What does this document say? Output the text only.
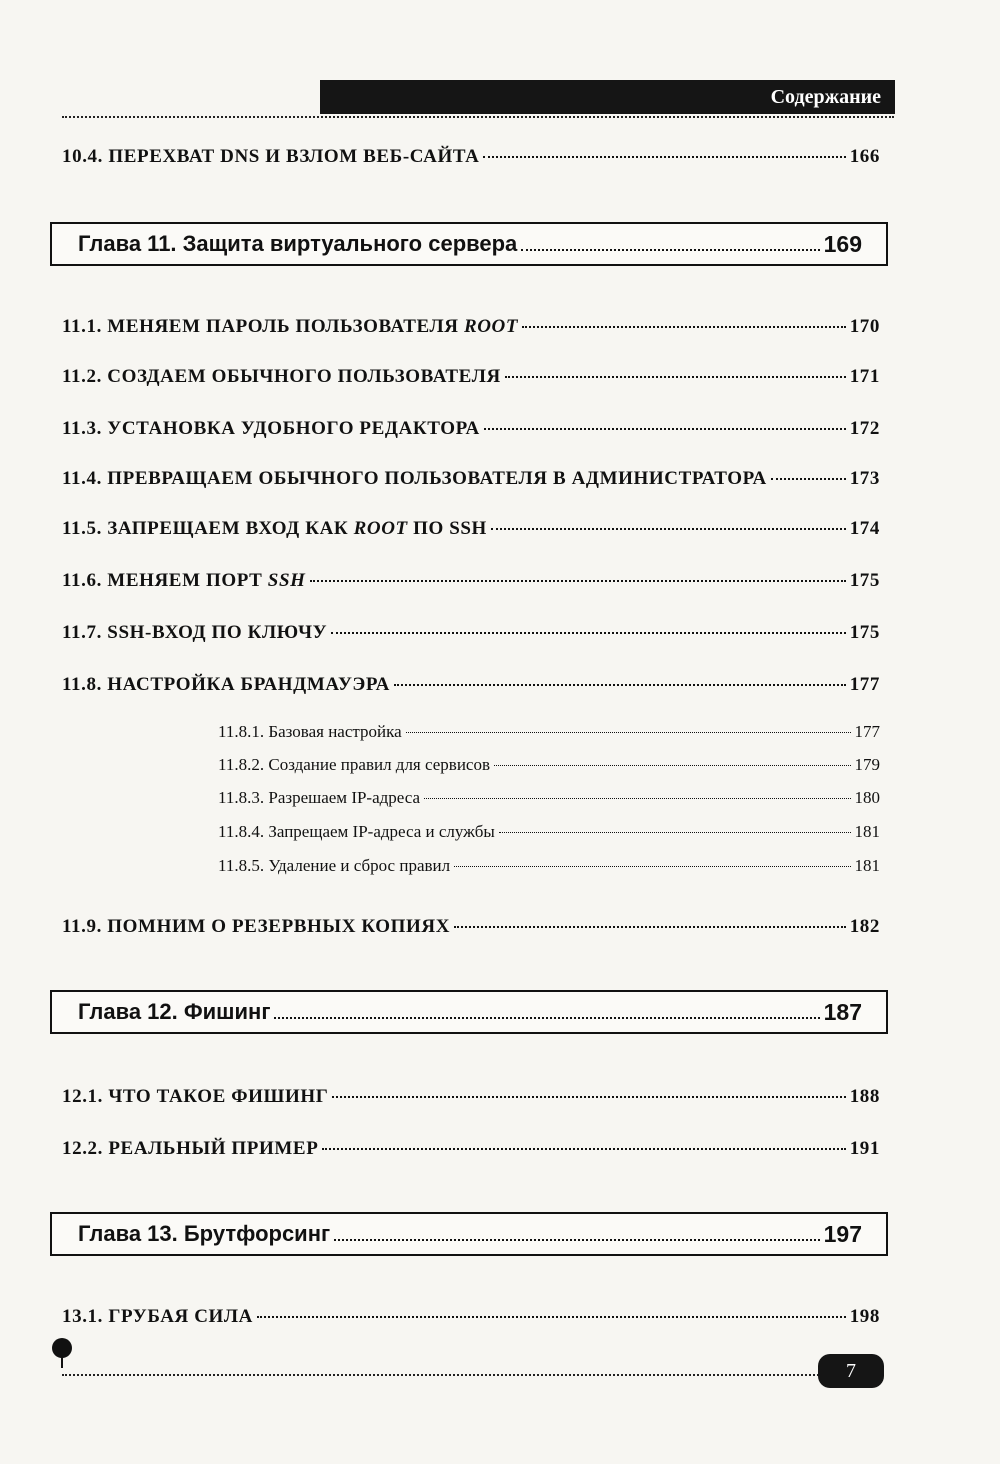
Содержание
10.4. ПЕРЕХВАТ DNS И ВЗЛОМ ВЕБ-САЙТА	166
Глава 11. Защита виртуального сервера	169
11.1. МЕНЯЕМ ПАРОЛЬ ПОЛЬЗОВАТЕЛЯ ROOT	170
11.2. СОЗДАЕМ ОБЫЧНОГО ПОЛЬЗОВАТЕЛЯ	171
11.3. УСТАНОВКА УДОБНОГО РЕДАКТОРА	172
11.4. ПРЕВРАЩАЕМ ОБЫЧНОГО ПОЛЬЗОВАТЕЛЯ В АДМИНИСТРАТОРА	173
11.5. ЗАПРЕЩАЕМ ВХОД КАК ROOT ПО SSH	174
11.6. МЕНЯЕМ ПОРТ SSH	175
11.7. SSH-ВХОД ПО КЛЮЧУ	175
11.8. НАСТРОЙКА БРАНДМАУЭРА	177
11.8.1. Базовая настройка	177
11.8.2. Создание правил для сервисов	179
11.8.3. Разрешаем IP-адреса	180
11.8.4. Запрещаем IP-адреса и службы	181
11.8.5. Удаление и сброс правил	181
11.9. ПОМНИМ О РЕЗЕРВНЫХ КОПИЯХ	182
Глава 12. Фишинг	187
12.1. ЧТО ТАКОЕ ФИШИНГ	188
12.2. РЕАЛЬНЫЙ ПРИМЕР	191
Глава 13. Брутфорсинг	197
13.1. ГРУБАЯ СИЛА	198
7
